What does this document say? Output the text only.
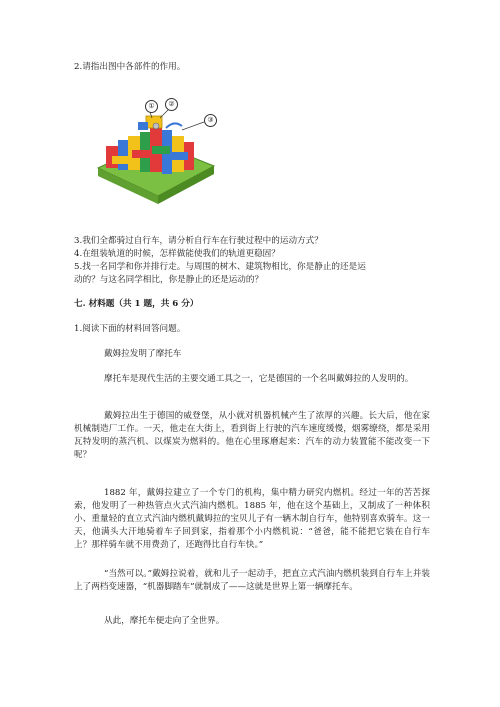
2.请指出图中各部件的作用。
①	②
③
3.我们全都骑过自行车，请分析自行车在行驶过程中的运动方式？
4.在组装轨道的时候，怎样做能使我们的轨道更稳固？
5.找一名同学和你并排行走。与周围的树木、建筑物相比，你是静止的还是运
动的？与这名同学相比，你是静止的还是运动的？
七. 材料题（共 1 题，共 6 分）
1.阅读下面的材料回答问题。
戴姆拉发明了摩托车
摩托车是现代生活的主要交通工具之一，它是德国的一个名叫戴姆拉的人发明的。
戴姆拉出生于德国的威登堡，从小就对机器机械产生了浓厚的兴趣。长大后，他在家机械制造厂工作。一天，他走在大街上，看到街上行驶的汽车速度缓慢，烟雾缭绕，都是采用瓦特发明的蒸汽机、以煤炭为燃料的。他在心里琢磨起来：汽车的动力装置能不能改变一下呢？
1882 年，戴姆拉建立了一个专门的机构，集中精力研究内燃机。经过一年的苦苦探索，他发明了一种热管点火式汽油内燃机。1885 年，他在这个基础上，又制成了一种体积小、重量轻的直立式汽油内燃机戴姆拉的宝贝儿子有一辆木制自行车，他特别喜欢骑车。这一天，他满头大汗地骑着车子回到家，指着那个小内燃机说：“爸爸，能不能把它装在自行车上？那样骑车就不用费劲了，还跑得比自行车快。”
“当然可以。”戴姆拉说着，就和儿子一起动手，把直立式汽油内燃机装到自行车上并装上了两档变速器，“机器脚踏车”就制成了——这就是世界上第一辆摩托车。
从此，摩托车便走向了全世界。
